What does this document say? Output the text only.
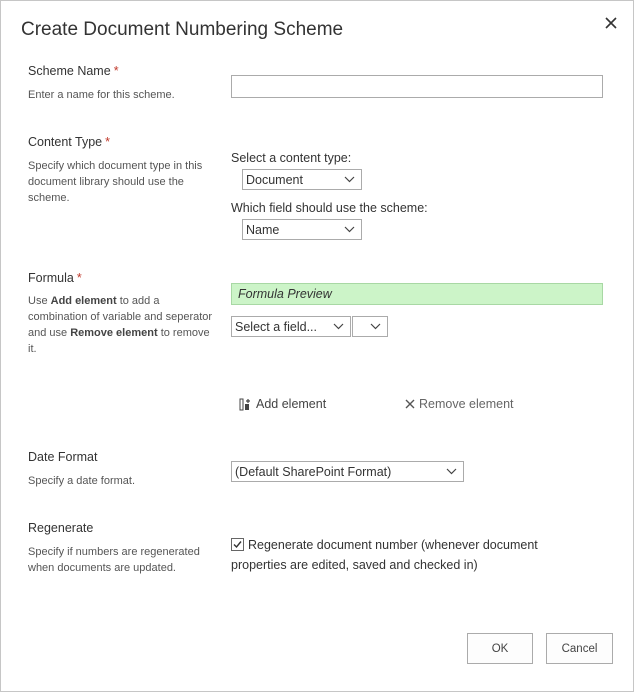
Create Document Numbering Scheme
Scheme Name *
Enter a name for this scheme.
Content Type *
Specify which document type in this document library should use the scheme.
Select a content type:
Document
Which field should use the scheme:
Name
Formula *
Use Add element to add a combination of variable and seperator and use Remove element to remove it.
Formula Preview
Select a field...
Add element	Remove element
Date Format
Specify a date format.
(Default SharePoint Format)
Regenerate
Specify if numbers are regenerated when documents are updated.
Regenerate document number (whenever document properties are edited, saved and checked in)
OK	Cancel
